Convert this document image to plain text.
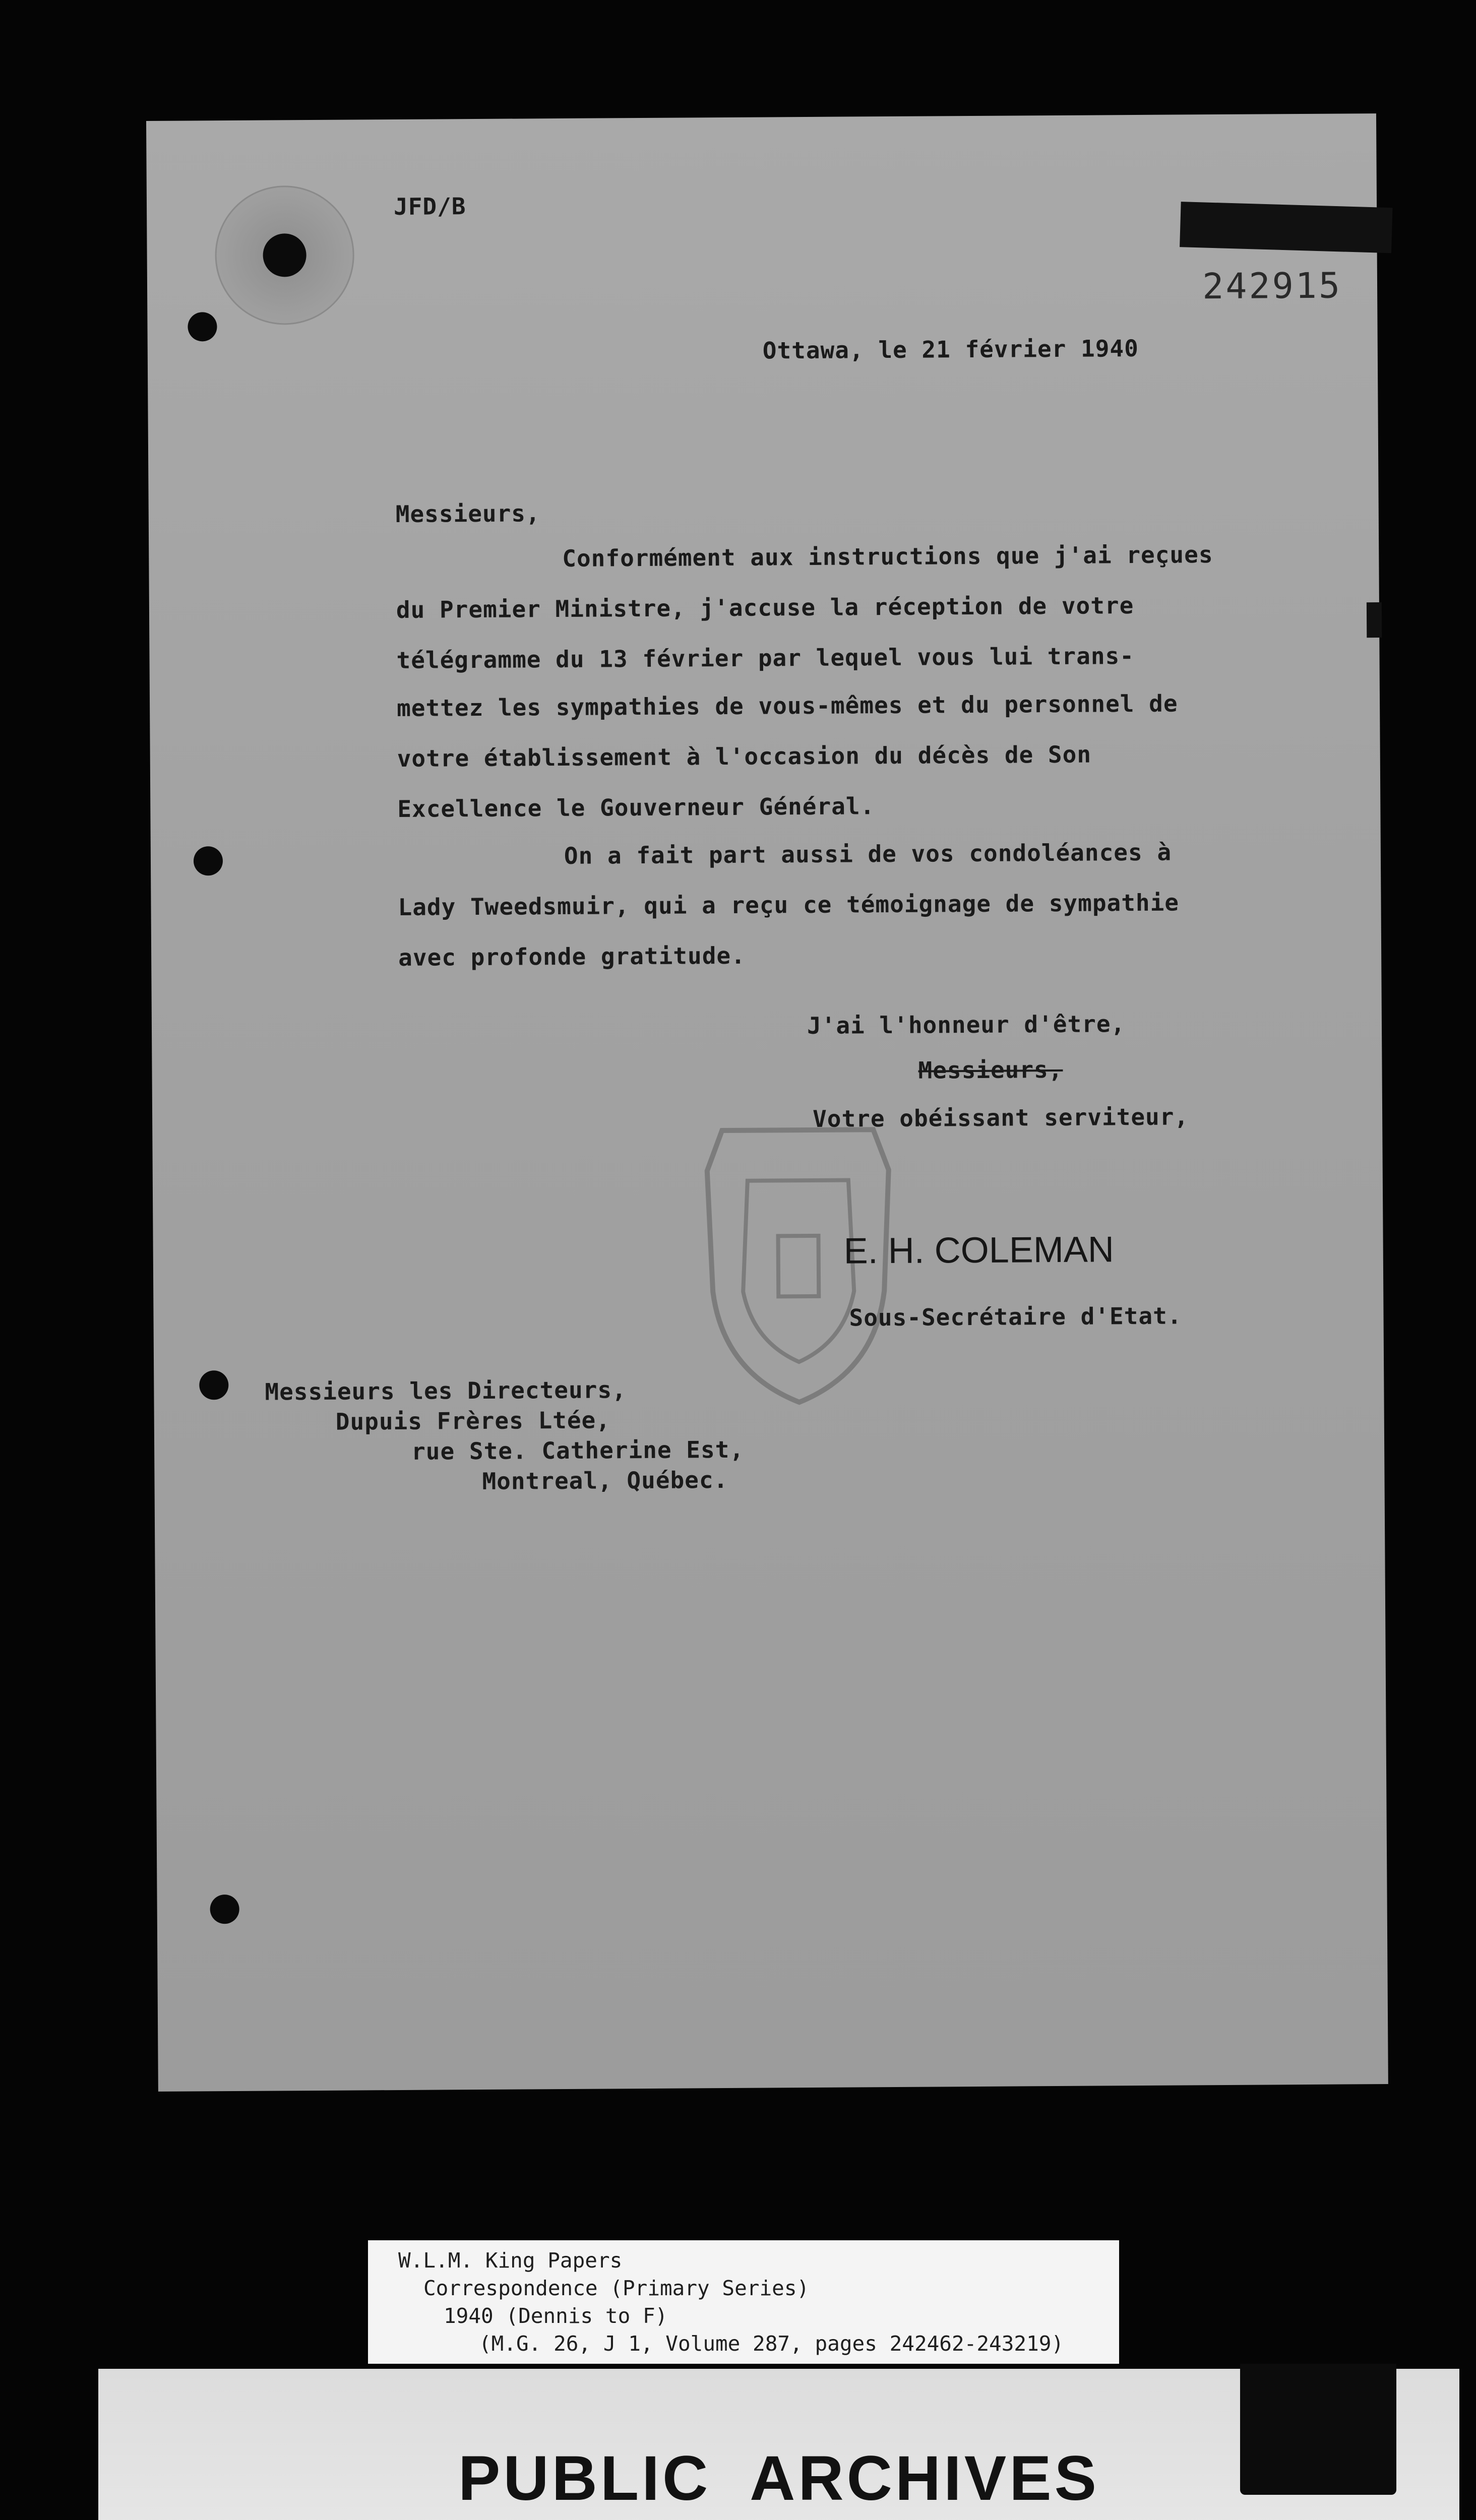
JFD/B
242915
Ottawa, le 21 février 1940
Messieurs,
Conformément aux instructions que j'ai reçues
du Premier Ministre, j'accuse la réception de votre
télégramme du 13 février par lequel vous lui trans-
mettez les sympathies de vous-mêmes et du personnel de
votre établissement à l'occasion du décès de Son
Excellence le Gouverneur Général.
On a fait part aussi de vos condoléances à
Lady Tweedsmuir, qui a reçu ce témoignage de sympathie
avec profonde gratitude.
J'ai l'honneur d'être,
Messieurs,
Votre obéissant serviteur,
E. H. COLEMAN
Sous-Secrétaire d'Etat.
Messieurs les Directeurs,
Dupuis Frères Ltée,
rue Ste. Catherine Est,
Montreal, Québec.
W.L.M. King Papers
Correspondence (Primary Series)
1940 (Dennis to F)
(M.G. 26, J 1, Volume 287, pages 242462-243219)
PUBLIC  ARCHIVES
